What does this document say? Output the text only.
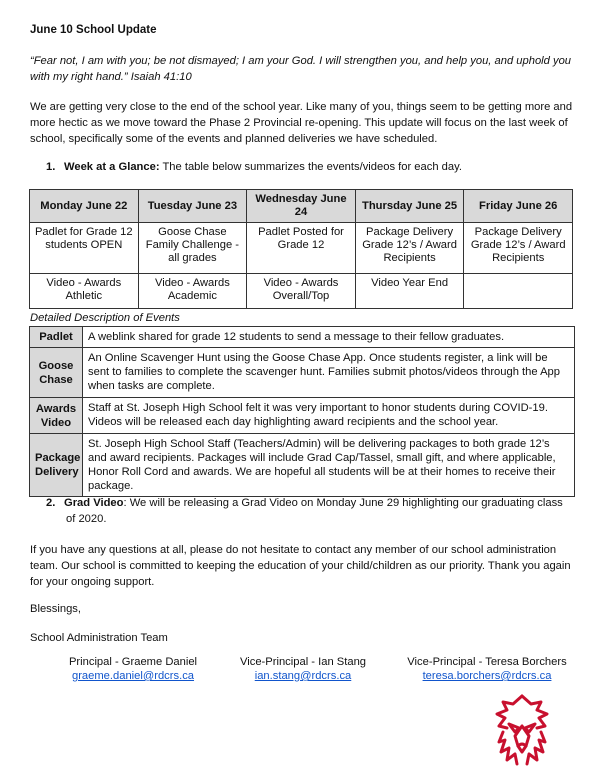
June 10 School Update
“Fear not, I am with you; be not dismayed; I am your God. I will strengthen you, and help you, and uphold you with my right hand.” Isaiah 41:10
We are getting very close to the end of the school year. Like many of you, things seem to be getting more and more hectic as we move toward the Phase 2 Provincial re-opening. This update will focus on the last week of school, specifically some of the events and planned deliveries we have scheduled.
1. Week at a Glance: The table below summarizes the events/videos for each day.
Monday June 22	Tuesday June 23	Wednesday June 24	Thursday June 25	Friday June 26
Padlet for Grade 12 students OPEN	Goose Chase Family Challenge - all grades	Padlet Posted for Grade 12	Package Delivery Grade 12’s / Award Recipients	Package Delivery Grade 12’s / Award Recipients
Video - Awards Athletic	Video - Awards Academic	Video - Awards Overall/Top	Video Year End	
Detailed Description of Events
Padlet	A weblink shared for grade 12 students to send a message to their fellow graduates.
Goose Chase	An Online Scavenger Hunt using the Goose Chase App. Once students register, a link will be sent to families to complete the scavenger hunt. Families submit photos/videos through the App when tasks are complete.
Awards Video	Staff at St. Joseph High School felt it was very important to honor students during COVID-19. Videos will be released each day highlighting award recipients and the school year.
Package Delivery	St. Joseph High School Staff (Teachers/Admin) will be delivering packages to both grade 12’s and award recipients. Packages will include Grad Cap/Tassel, small gift, and where applicable, Honor Roll Cord and awards. We are hopeful all students will be at their homes to receive their package.
2. Grad Video: We will be releasing a Grad Video on Monday June 29 highlighting our graduating class
of 2020.
If you have any questions at all, please do not hesitate to contact any member of our school administration team. Our school is committed to keeping the education of your child/children as our priority. Thank you again for your ongoing support.
Blessings,
School Administration Team
Principal - Graeme Daniel
graeme.daniel@rdcrs.ca
Vice-Principal - Ian Stang
ian.stang@rdcrs.ca
Vice-Principal - Teresa Borchers
teresa.borchers@rdcrs.ca
